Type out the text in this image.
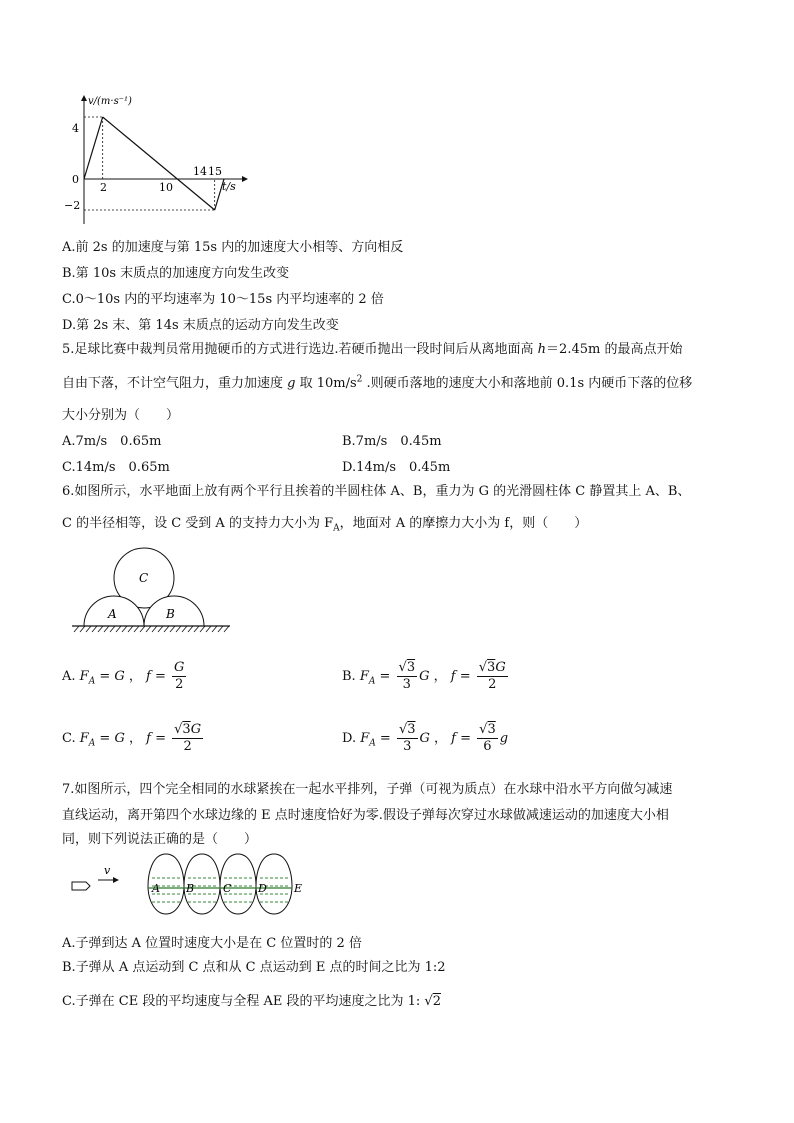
v/(m·s⁻¹)
t/s
4
0
−2
2	10
14 15
A.前 2s 的加速度与第 15s 内的加速度大小相等、方向相反
B.第 10s 末质点的加速度方向发生改变
C.0～10s 内的平均速率为 10～15s 内平均速率的 2 倍
D.第 2s 末、第 14s 末质点的运动方向发生改变
5.足球比赛中裁判员常用抛硬币的方式进行选边.若硬币抛出一段时间后从离地面高 h＝2.45m 的最高点开始
自由下落，不计空气阻力，重力加速度 g 取 $10m/s^2$ .则硬币落地的速度大小和落地前 0.1s 内硬币下落的位移
大小分别为（　　）
A.7m/s　0.65m	B.7m/s　0.45m
C.14m/s　0.65m	D.14m/s　0.45m
6.如图所示，水平地面上放有两个平行且挨着的半圆柱体 A、B，重力为 G 的光滑圆柱体 C 静置其上 A、B、
C 的半径相等，设 C 受到 A 的支持力大小为 $F_A$，地面对 A 的摩擦力大小为 f，则（　　）
C
A	B
A. $F_A = G$ ， $f = \frac{G}{2}$	B. $F_A = \frac{√3}{3}$ G ， $f = \frac{√3G}{2}$
C. $F_A = G$ ， $f = \frac{√3G}{2}$	D. $F_A = \frac{√3}{3}$ G ， $f = \frac{√3}{6}$ g
7.如图所示，四个完全相同的水球紧挨在一起水平排列，子弹（可视为质点）在水球中沿水平方向做匀减速
直线运动，离开第四个水球边缘的 E 点时速度恰好为零.假设子弹每次穿过水球做减速运动的加速度大小相
同，则下列说法正确的是（　　）
v
A B	C D E
A.子弹到达 A 位置时速度大小是在 C 位置时的 2 倍
B.子弹从 A 点运动到 C 点和从 C 点运动到 E 点的时间之比为 1:2
C.子弹在 CE 段的平均速度与全程 AE 段的平均速度之比为 1: √2
